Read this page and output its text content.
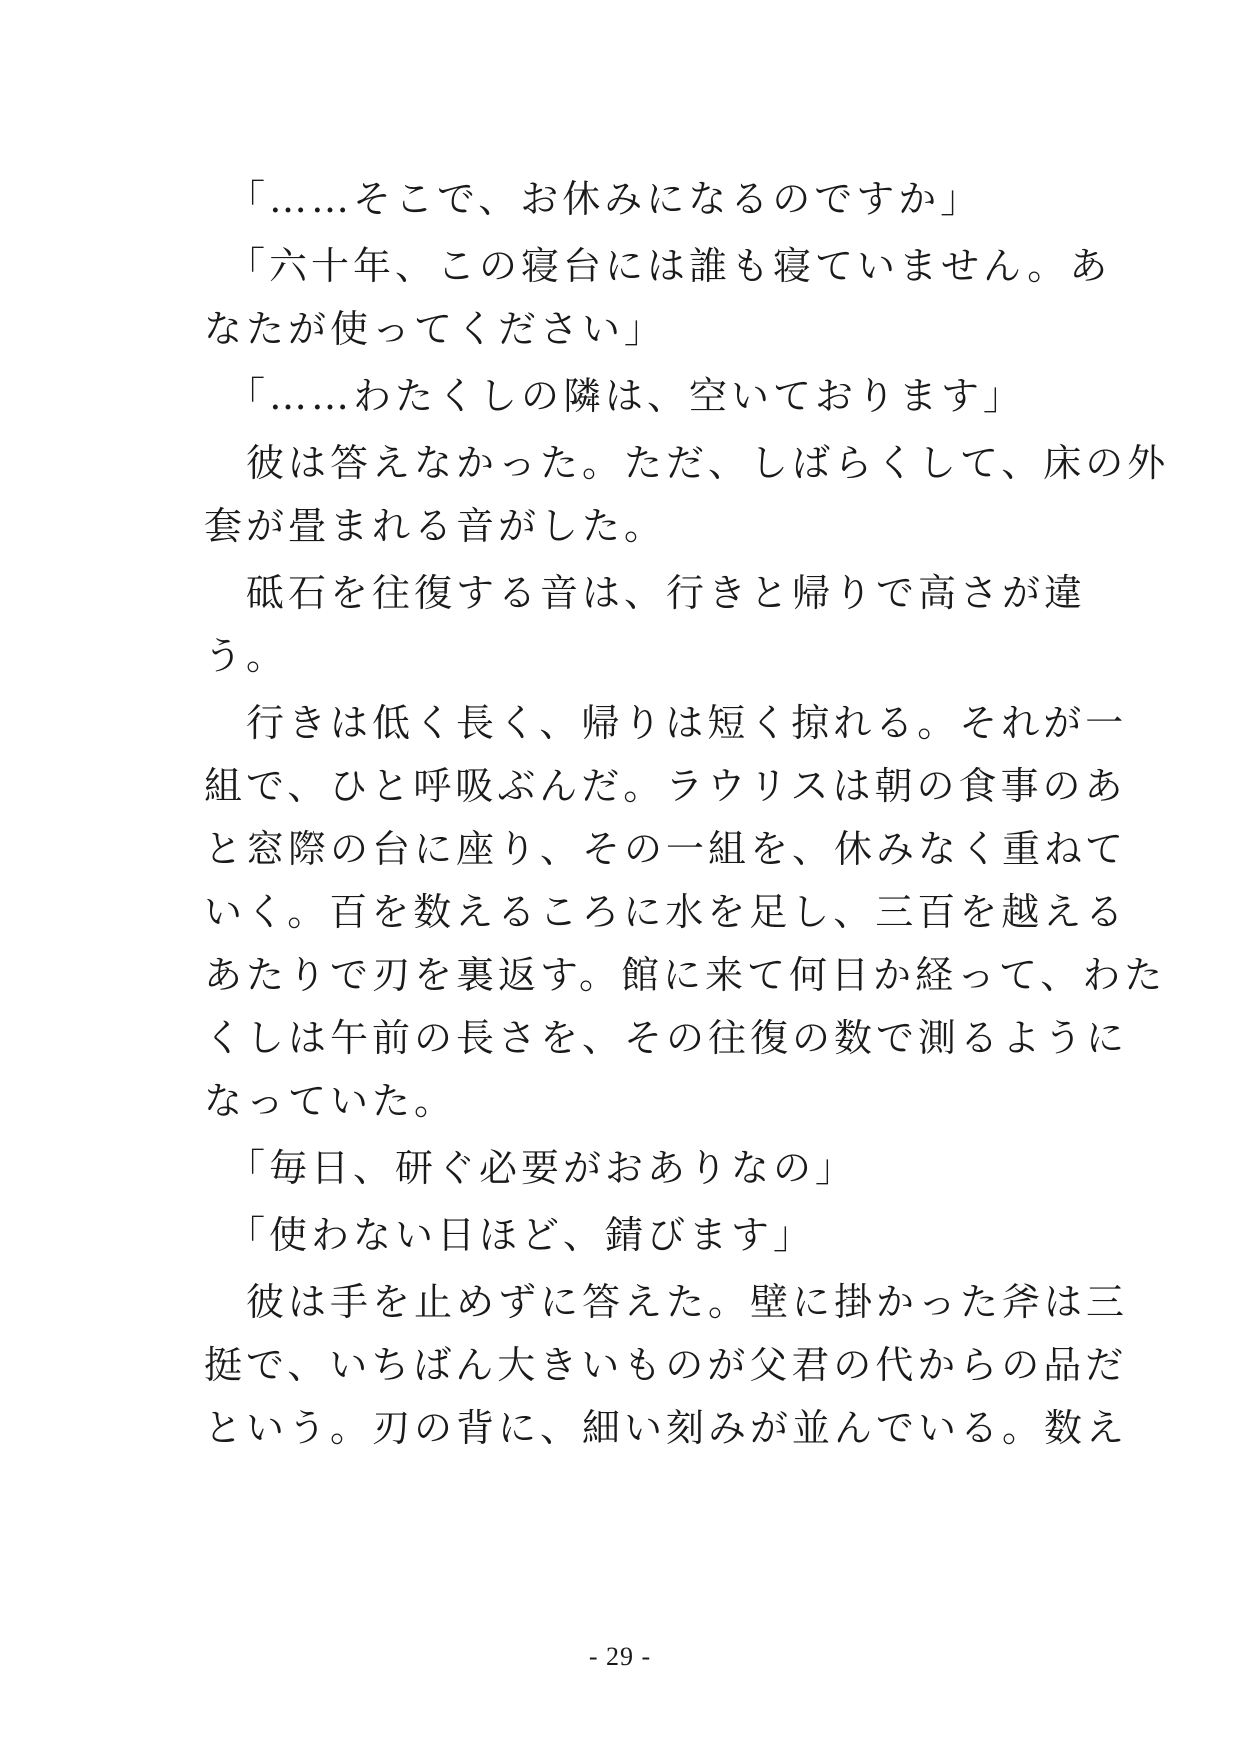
　「……そこで、お休みになるのですか」

　「六十年、この寝台には誰も寝ていません。あ
なたが使ってください」

　「……わたくしの隣は、空いております」

　彼は答えなかった。ただ、しばらくして、床の外
套が畳まれる音がした。

　砥石を往復する音は、行きと帰りで高さが違
う。

　行きは低く長く、帰りは短く掠れる。それが一
組で、ひと呼吸ぶんだ。ラウリスは朝の食事のあ
と窓際の台に座り、その一組を、休みなく重ねて
いく。百を数えるころに水を足し、三百を越える
あたりで刃を裏返す。館に来て何日か経って、わた
くしは午前の長さを、その往復の数で測るように
なっていた。

　「毎日、研ぐ必要がおありなの」

　「使わない日ほど、錆びます」

　彼は手を止めずに答えた。壁に掛かった斧は三
挺で、いちばん大きいものが父君の代からの品だ
という。刃の背に、細い刻みが並んでいる。数え

- 29 -
